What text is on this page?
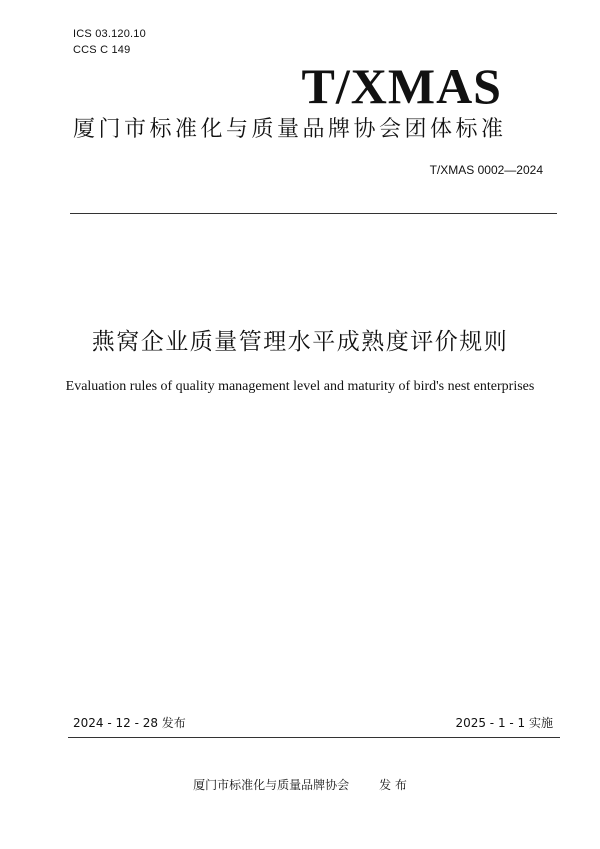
ICS 03.120.10
CCS C 149
T/XMAS
厦门市标准化与质量品牌协会团体标准
T/XMAS 0002—2024
燕窝企业质量管理水平成熟度评价规则
Evaluation rules of quality management level and maturity of bird's nest enterprises
2024 - 12 - 28 发布	2025 - 1 - 1 实施
厦门市标准化与质量品牌协会	发 布
